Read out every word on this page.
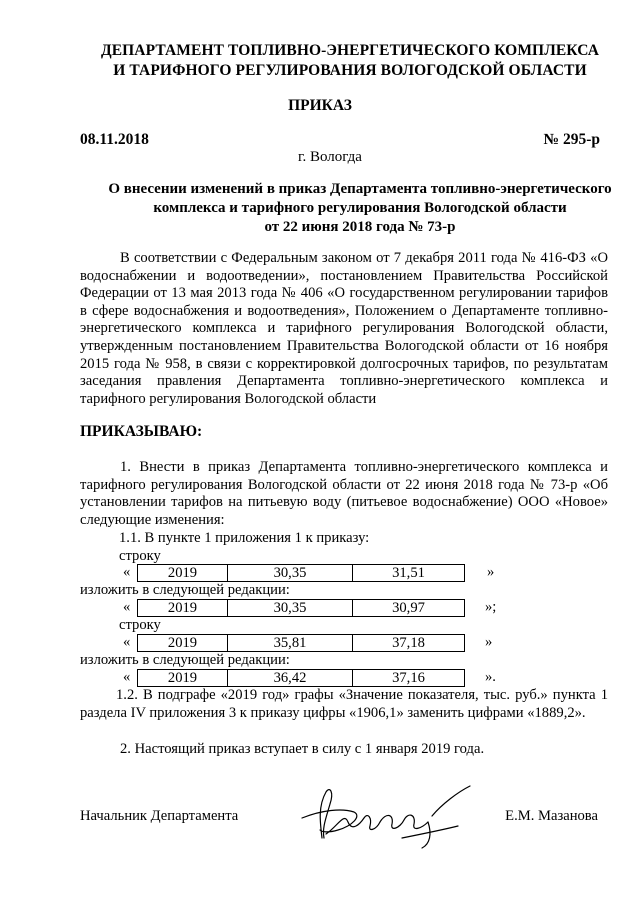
ДЕПАРТАМЕНТ ТОПЛИВНО-ЭНЕРГЕТИЧЕСКОГО КОМПЛЕКСА
И ТАРИФНОГО РЕГУЛИРОВАНИЯ ВОЛОГОДСКОЙ ОБЛАСТИ
ПРИКАЗ
08.11.2018	№ 295-р
г. Вологда
О внесении изменений в приказ Департамента топливно-энергетического
комплекса и тарифного регулирования Вологодской области
от 22 июня 2018 года № 73-р
В соответствии с Федеральным законом от 7 декабря 2011 года № 416-ФЗ «О водоснабжении и водоотведении», постановлением Правительства Российской Федерации от 13 мая 2013 года № 406 «О государственном регулировании тарифов в сфере водоснабжения и водоотведения», Положением о Департаменте топливно-энергетического комплекса и тарифного регулирования Вологодской области, утвержденным постановлением Правительства Вологодской области от 16 ноября 2015 года № 958, в связи с корректировкой долгосрочных тарифов, по результатам заседания правления Департамента топливно-энергетического комплекса и тарифного регулирования Вологодской области
ПРИКАЗЫВАЮ:
1. Внести в приказ Департамента топливно-энергетического комплекса и тарифного регулирования Вологодской области от 22 июня 2018 года № 73-р «Об установлении тарифов на питьевую воду (питьевое водоснабжение) ООО «Новое» следующие изменения:
1.1. В пункте 1 приложения 1 к приказу:
строку
«	2019	30,35	31,51	»
изложить в следующей редакции:
«	2019	30,35	30,97	»;
строку
«	2019	35,81	37,18	»
изложить в следующей редакции:
«	2019	36,42	37,16	».
1.2. В подграфе «2019 год» графы «Значение показателя, тыс. руб.» пункта 1 раздела IV приложения 3 к приказу цифры «1906,1» заменить цифрами «1889,2».
2. Настоящий приказ вступает в силу с 1 января 2019 года.
Начальник Департамента	Е.М. Мазанова
